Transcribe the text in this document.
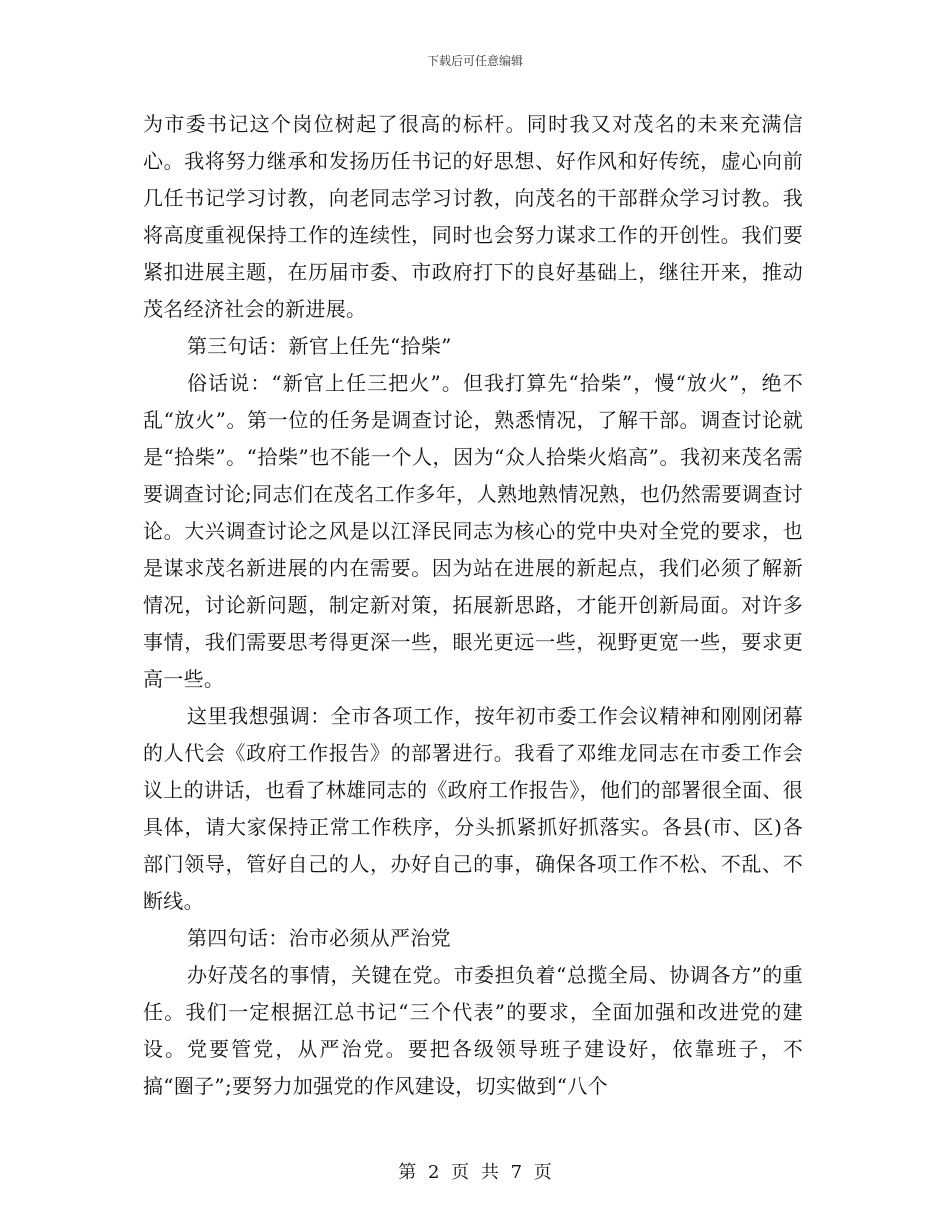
下载后可任意编辑

为市委书记这个岗位树起了很高的标杆。同时我又对茂名的未来充满信心。我将努力继承和发扬历任书记的好思想、好作风和好传统，虚心向前几任书记学习讨教，向老同志学习讨教，向茂名的干部群众学习讨教。我将高度重视保持工作的连续性，同时也会努力谋求工作的开创性。我们要紧扣进展主题，在历届市委、市政府打下的良好基础上，继往开来，推动茂名经济社会的新进展。

第三句话：新官上任先“拾柴”

俗话说：“新官上任三把火”。但我打算先“拾柴”，慢“放火”，绝不乱“放火”。第一位的任务是调查讨论，熟悉情况，了解干部。调查讨论就是“拾柴”。“拾柴”也不能一个人，因为“众人拾柴火焰高”。我初来茂名需要调查讨论;同志们在茂名工作多年，人熟地熟情况熟，也仍然需要调查讨论。大兴调查讨论之风是以江泽民同志为核心的党中央对全党的要求，也是谋求茂名新进展的内在需要。因为站在进展的新起点，我们必须了解新情况，讨论新问题，制定新对策，拓展新思路，才能开创新局面。对许多事情，我们需要思考得更深一些，眼光更远一些，视野更宽一些，要求更高一些。

这里我想强调：全市各项工作，按年初市委工作会议精神和刚刚闭幕的人代会《政府工作报告》的部署进行。我看了邓维龙同志在市委工作会议上的讲话，也看了林雄同志的《政府工作报告》，他们的部署很全面、很具体，请大家保持正常工作秩序，分头抓紧抓好抓落实。各县(市、区)各部门领导，管好自己的人，办好自己的事，确保各项工作不松、不乱、不断线。

第四句话：治市必须从严治党

办好茂名的事情，关键在党。市委担负着“总揽全局、协调各方”的重任。我们一定根据江总书记“三个代表”的要求，全面加强和改进党的建设。党要管党，从严治党。要把各级领导班子建设好，依靠班子，不搞“圈子”;要努力加强党的作风建设，切实做到“八个

第 2 页 共 7 页
